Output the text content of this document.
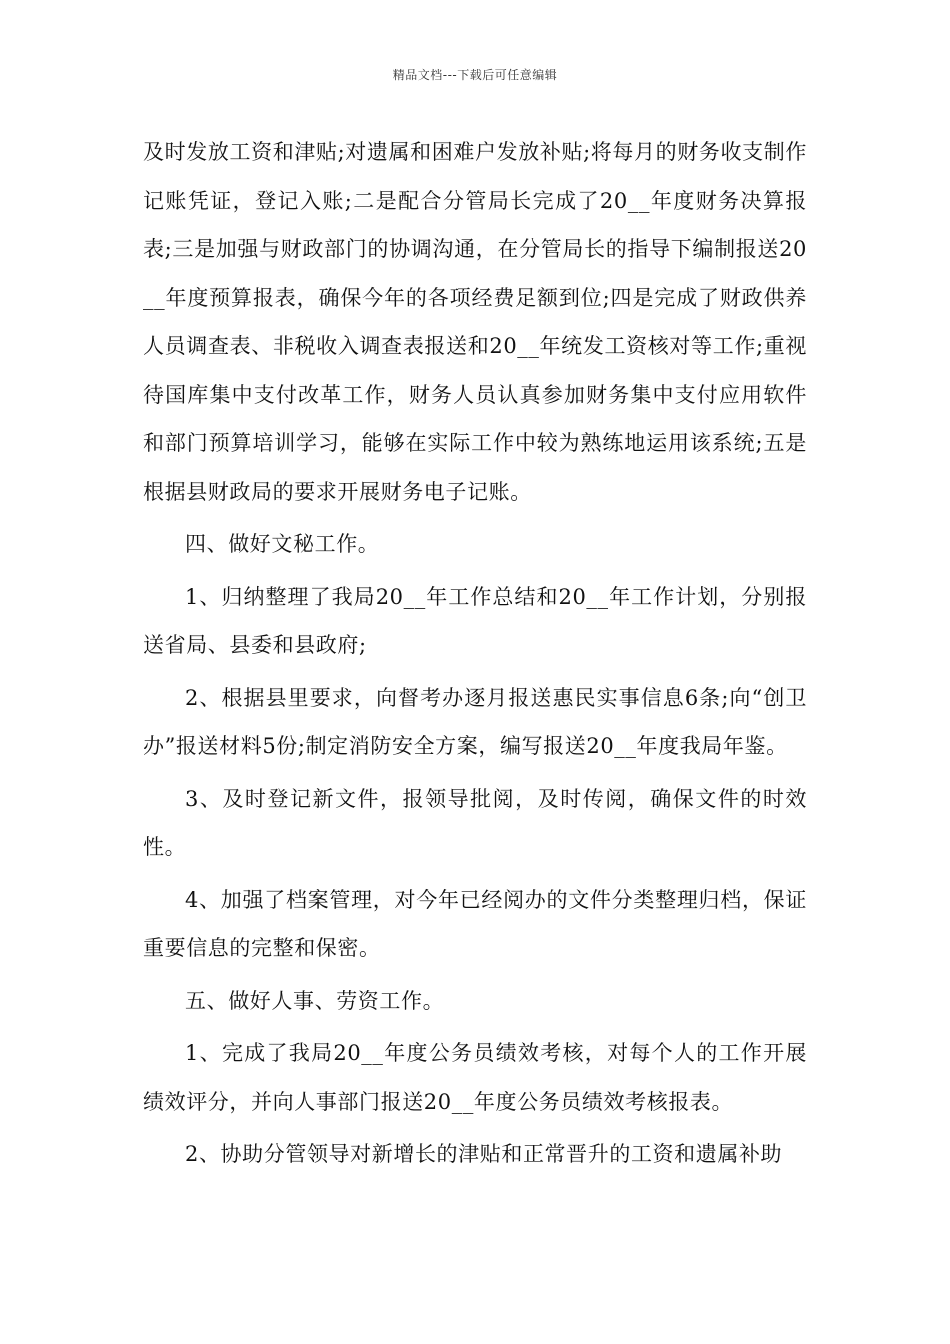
精品文档---下载后可任意编辑

及时发放工资和津贴;对遗属和困难户发放补贴;将每月的财务收支制作记账凭证，登记入账;二是配合分管局长完成了20__年度财务决算报表;三是加强与财政部门的协调沟通，在分管局长的指导下编制报送20__年度预算报表，确保今年的各项经费足额到位;四是完成了财政供养人员调查表、非税收入调查表报送和20__年统发工资核对等工作;重视待国库集中支付改革工作，财务人员认真参加财务集中支付应用软件和部门预算培训学习，能够在实际工作中较为熟练地运用该系统;五是根据县财政局的要求开展财务电子记账。

四、做好文秘工作。

1、归纳整理了我局20__年工作总结和20__年工作计划，分别报送省局、县委和县政府;

2、根据县里要求，向督考办逐月报送惠民实事信息6条;向“创卫办”报送材料5份;制定消防安全方案，编写报送20__年度我局年鉴。

3、及时登记新文件，报领导批阅，及时传阅，确保文件的时效性。

4、加强了档案管理，对今年已经阅办的文件分类整理归档，保证重要信息的完整和保密。

五、做好人事、劳资工作。

1、完成了我局20__年度公务员绩效考核，对每个人的工作开展绩效评分，并向人事部门报送20__年度公务员绩效考核报表。

2、协助分管领导对新增长的津贴和正常晋升的工资和遗属补助
